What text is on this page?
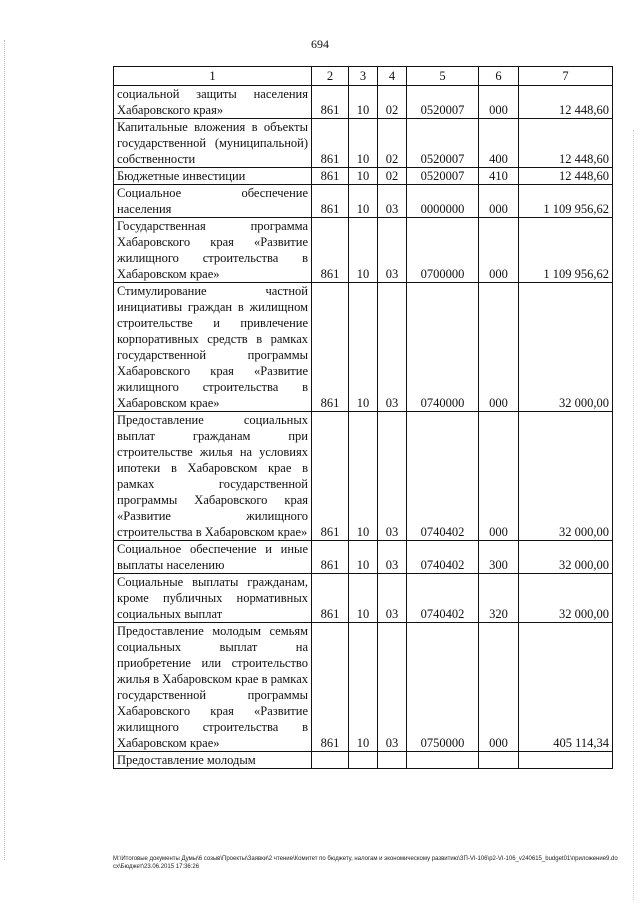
694
1	2	3	4	5	6	7
социальной защиты населения Хабаровского края»	861	10	02	0520007	000	12 448,60
Капитальные вложения в объекты государственной (муниципальной) собственности	861	10	02	0520007	400	12 448,60
Бюджетные инвестиции	861	10	02	0520007	410	12 448,60
Социальное обеспечение населения	861	10	03	0000000	000	1 109 956,62
Государственная программа Хабаровского края «Развитие жилищного строительства в Хабаровском крае»	861	10	03	0700000	000	1 109 956,62
Стимулирование частной инициативы граждан в жилищном строительстве и привлечение корпоративных средств в рамках государственной программы Хабаровского края «Развитие жилищного строительства в Хабаровском крае»	861	10	03	0740000	000	32 000,00
Предоставление социальных выплат гражданам при строительстве жилья на условиях ипотеки в Хабаровском крае в рамках государственной программы Хабаровского края «Развитие жилищного строительства в Хабаровском крае»	861	10	03	0740402	000	32 000,00
Социальное обеспечение и иные выплаты населению	861	10	03	0740402	300	32 000,00
Социальные выплаты гражданам, кроме публичных нормативных социальных выплат	861	10	03	0740402	320	32 000,00
Предоставление молодым семьям социальных выплат на приобретение или строительство жилья в Хабаровском крае в рамках государственной программы Хабаровского края «Развитие жилищного строительства в Хабаровском крае»	861	10	03	0750000	000	405 114,34
Предоставление молодым						
M:\Итоговые документы Думы\6 созыв\Проекты\Заявки\2 чтение\Комитет по бюджету, налогам и экономическому развитию\ЗП-VI-106\p2-VI-106_v240615_budget01\приложение9.docx\Бюджет\23.06.2015 17:36:26
